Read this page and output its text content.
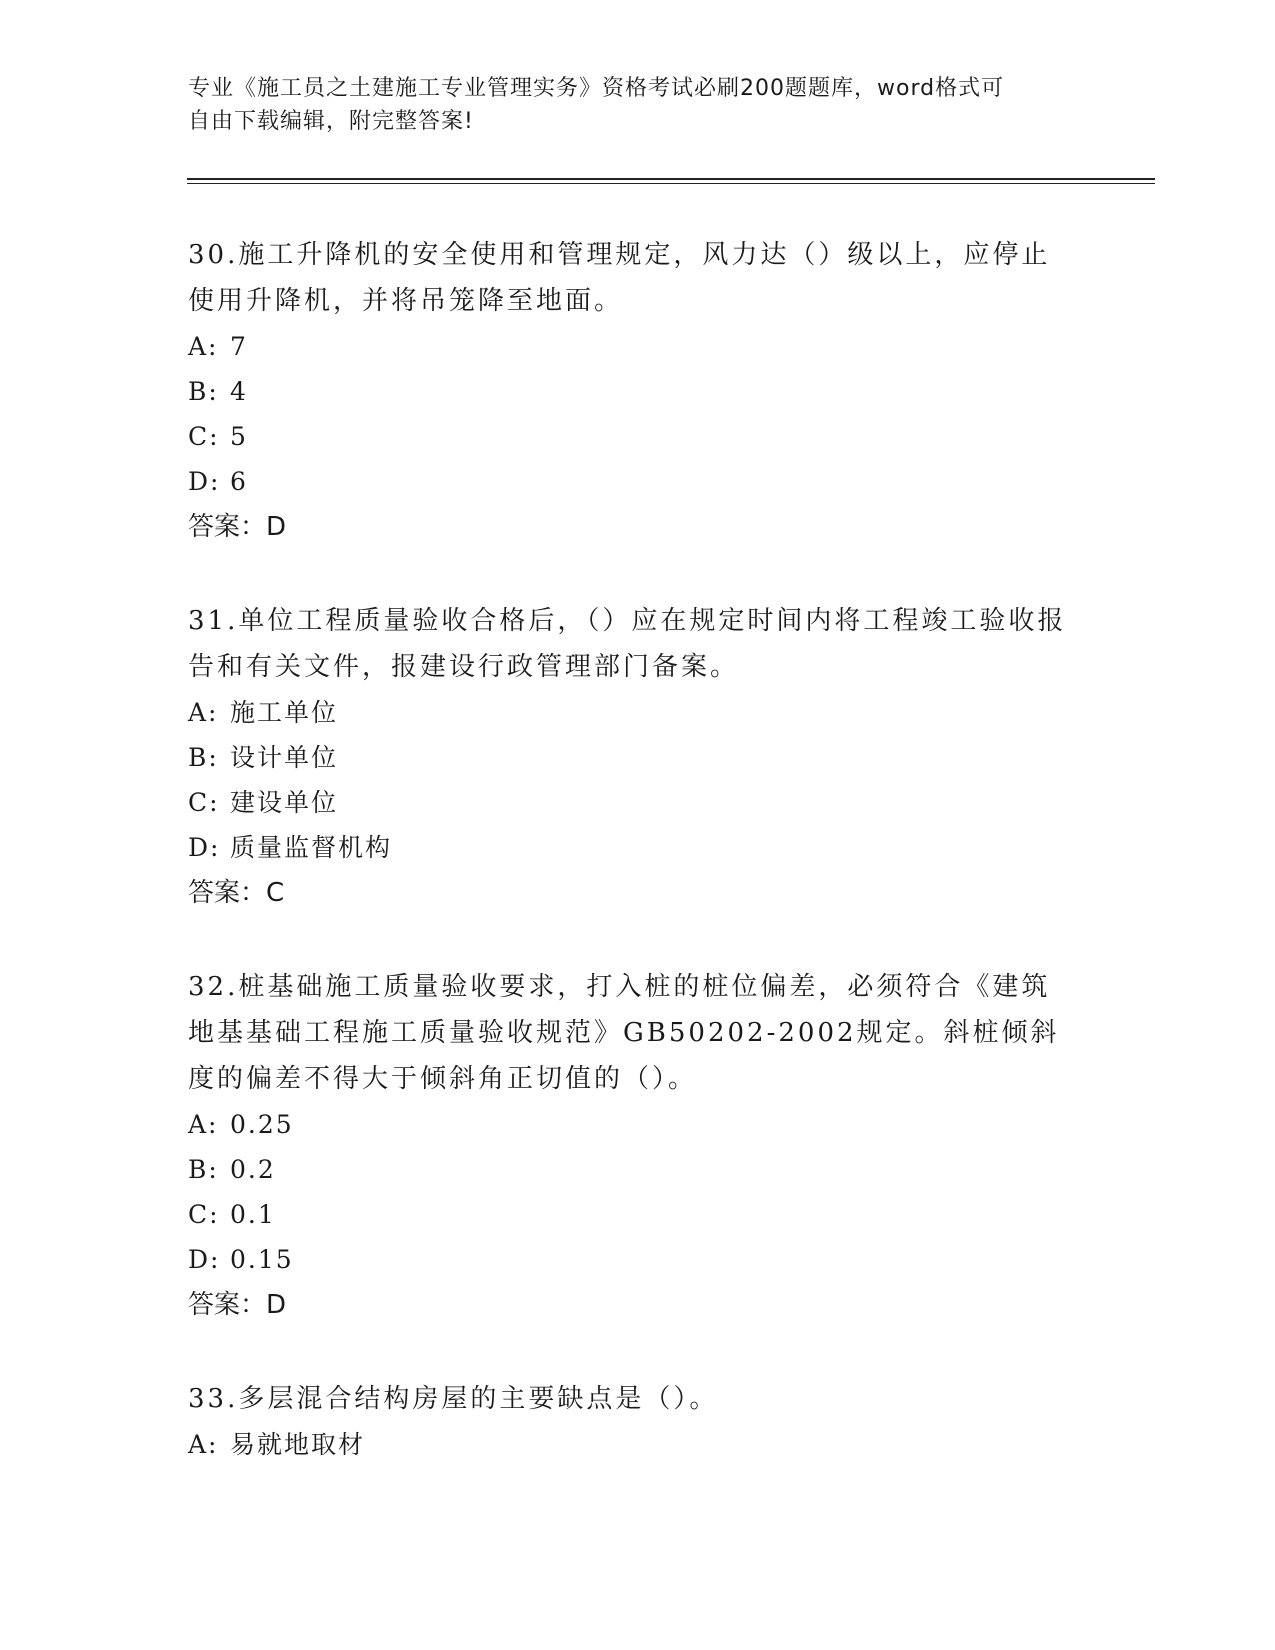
专业《施工员之土建施工专业管理实务》资格考试必刷200题题库，word格式可
自由下载编辑，附完整答案!

30.施工升降机的安全使用和管理规定，风力达（）级以上，应停止使用升降机，并将吊笼降至地面。

A: 7

B: 4

C: 5

D: 6

答案：D

31.单位工程质量验收合格后，（）应在规定时间内将工程竣工验收报告和有关文件，报建设行政管理部门备案。

A: 施工单位

B: 设计单位

C: 建设单位

D: 质量监督机构

答案：C

32.桩基础施工质量验收要求，打入桩的桩位偏差，必须符合《建筑地基基础工程施工质量验收规范》GB50202-2002规定。斜桩倾斜度的偏差不得大于倾斜角正切值的（）。

A: 0.25

B: 0.2

C: 0.1

D: 0.15

答案：D

33.多层混合结构房屋的主要缺点是（）。

A: 易就地取材
